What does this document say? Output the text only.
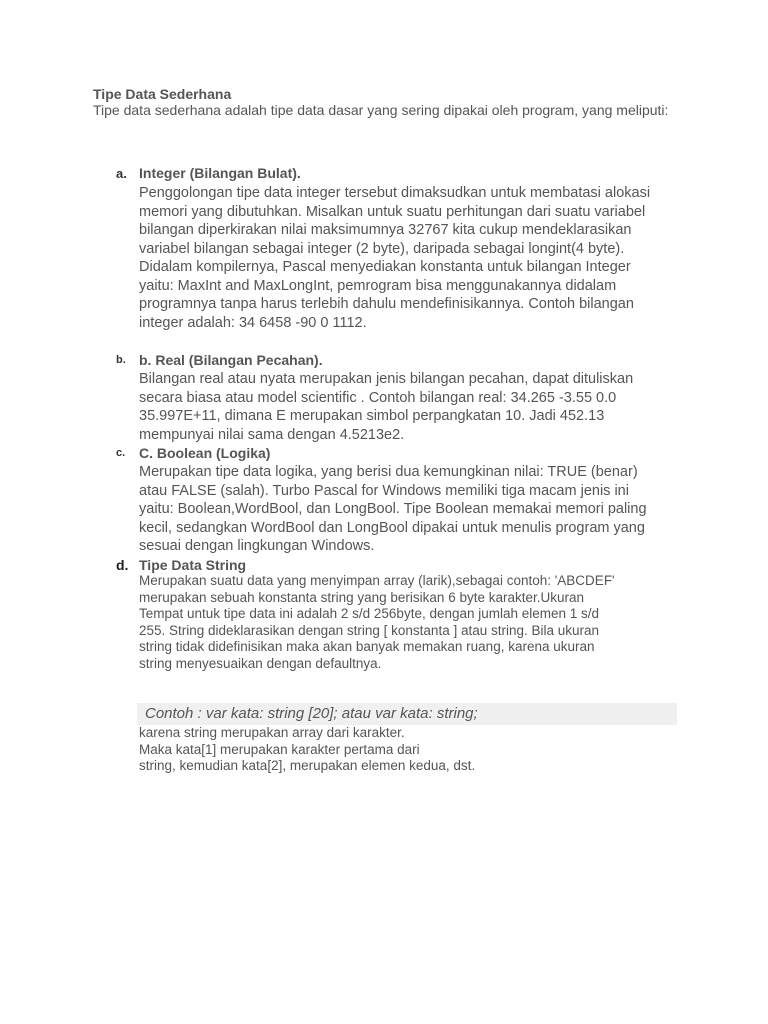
Tipe Data Sederhana
Tipe data sederhana adalah tipe data dasar yang sering dipakai oleh program, yang meliputi:
a. Integer (Bilangan Bulat).
Penggolongan tipe data integer tersebut dimaksudkan untuk membatasi alokasi
memori yang dibutuhkan. Misalkan untuk suatu perhitungan dari suatu variabel
bilangan diperkirakan nilai maksimumnya 32767 kita cukup mendeklarasikan
variabel bilangan sebagai integer (2 byte), daripada sebagai longint(4 byte).
Didalam kompilernya, Pascal menyediakan konstanta untuk bilangan Integer
yaitu: MaxInt and MaxLongInt, pemrogram bisa menggunakannya didalam
programnya tanpa harus terlebih dahulu mendefinisikannya. Contoh bilangan
integer adalah: 34 6458 -90 0 1112.
b. b. Real (Bilangan Pecahan).
Bilangan real atau nyata merupakan jenis bilangan pecahan, dapat dituliskan
secara biasa atau model scientific . Contoh bilangan real: 34.265 -3.55 0.0
35.997E+11, dimana E merupakan simbol perpangkatan 10. Jadi 452.13
mempunyai nilai sama dengan 4.5213e2.
c. C. Boolean (Logika)
Merupakan tipe data logika, yang berisi dua kemungkinan nilai: TRUE (benar)
atau FALSE (salah). Turbo Pascal for Windows memiliki tiga macam jenis ini
yaitu: Boolean,WordBool, dan LongBool. Tipe Boolean memakai memori paling
kecil, sedangkan WordBool dan LongBool dipakai untuk menulis program yang
sesuai dengan lingkungan Windows.
d. Tipe Data String
Merupakan suatu data yang menyimpan array (larik),sebagai contoh: 'ABCDEF'
merupakan sebuah konstanta string yang berisikan 6 byte karakter.Ukuran
Tempat untuk tipe data ini adalah 2 s/d 256byte, dengan jumlah elemen 1 s/d
255. String dideklarasikan dengan string [ konstanta ] atau string. Bila ukuran
string tidak didefinisikan maka akan banyak memakan ruang, karena ukuran
string menyesuaikan dengan defaultnya.
Contoh : var kata: string [20]; atau var kata: string;
karena string merupakan array dari karakter.
Maka kata[1] merupakan karakter pertama dari
string, kemudian kata[2], merupakan elemen kedua, dst.
